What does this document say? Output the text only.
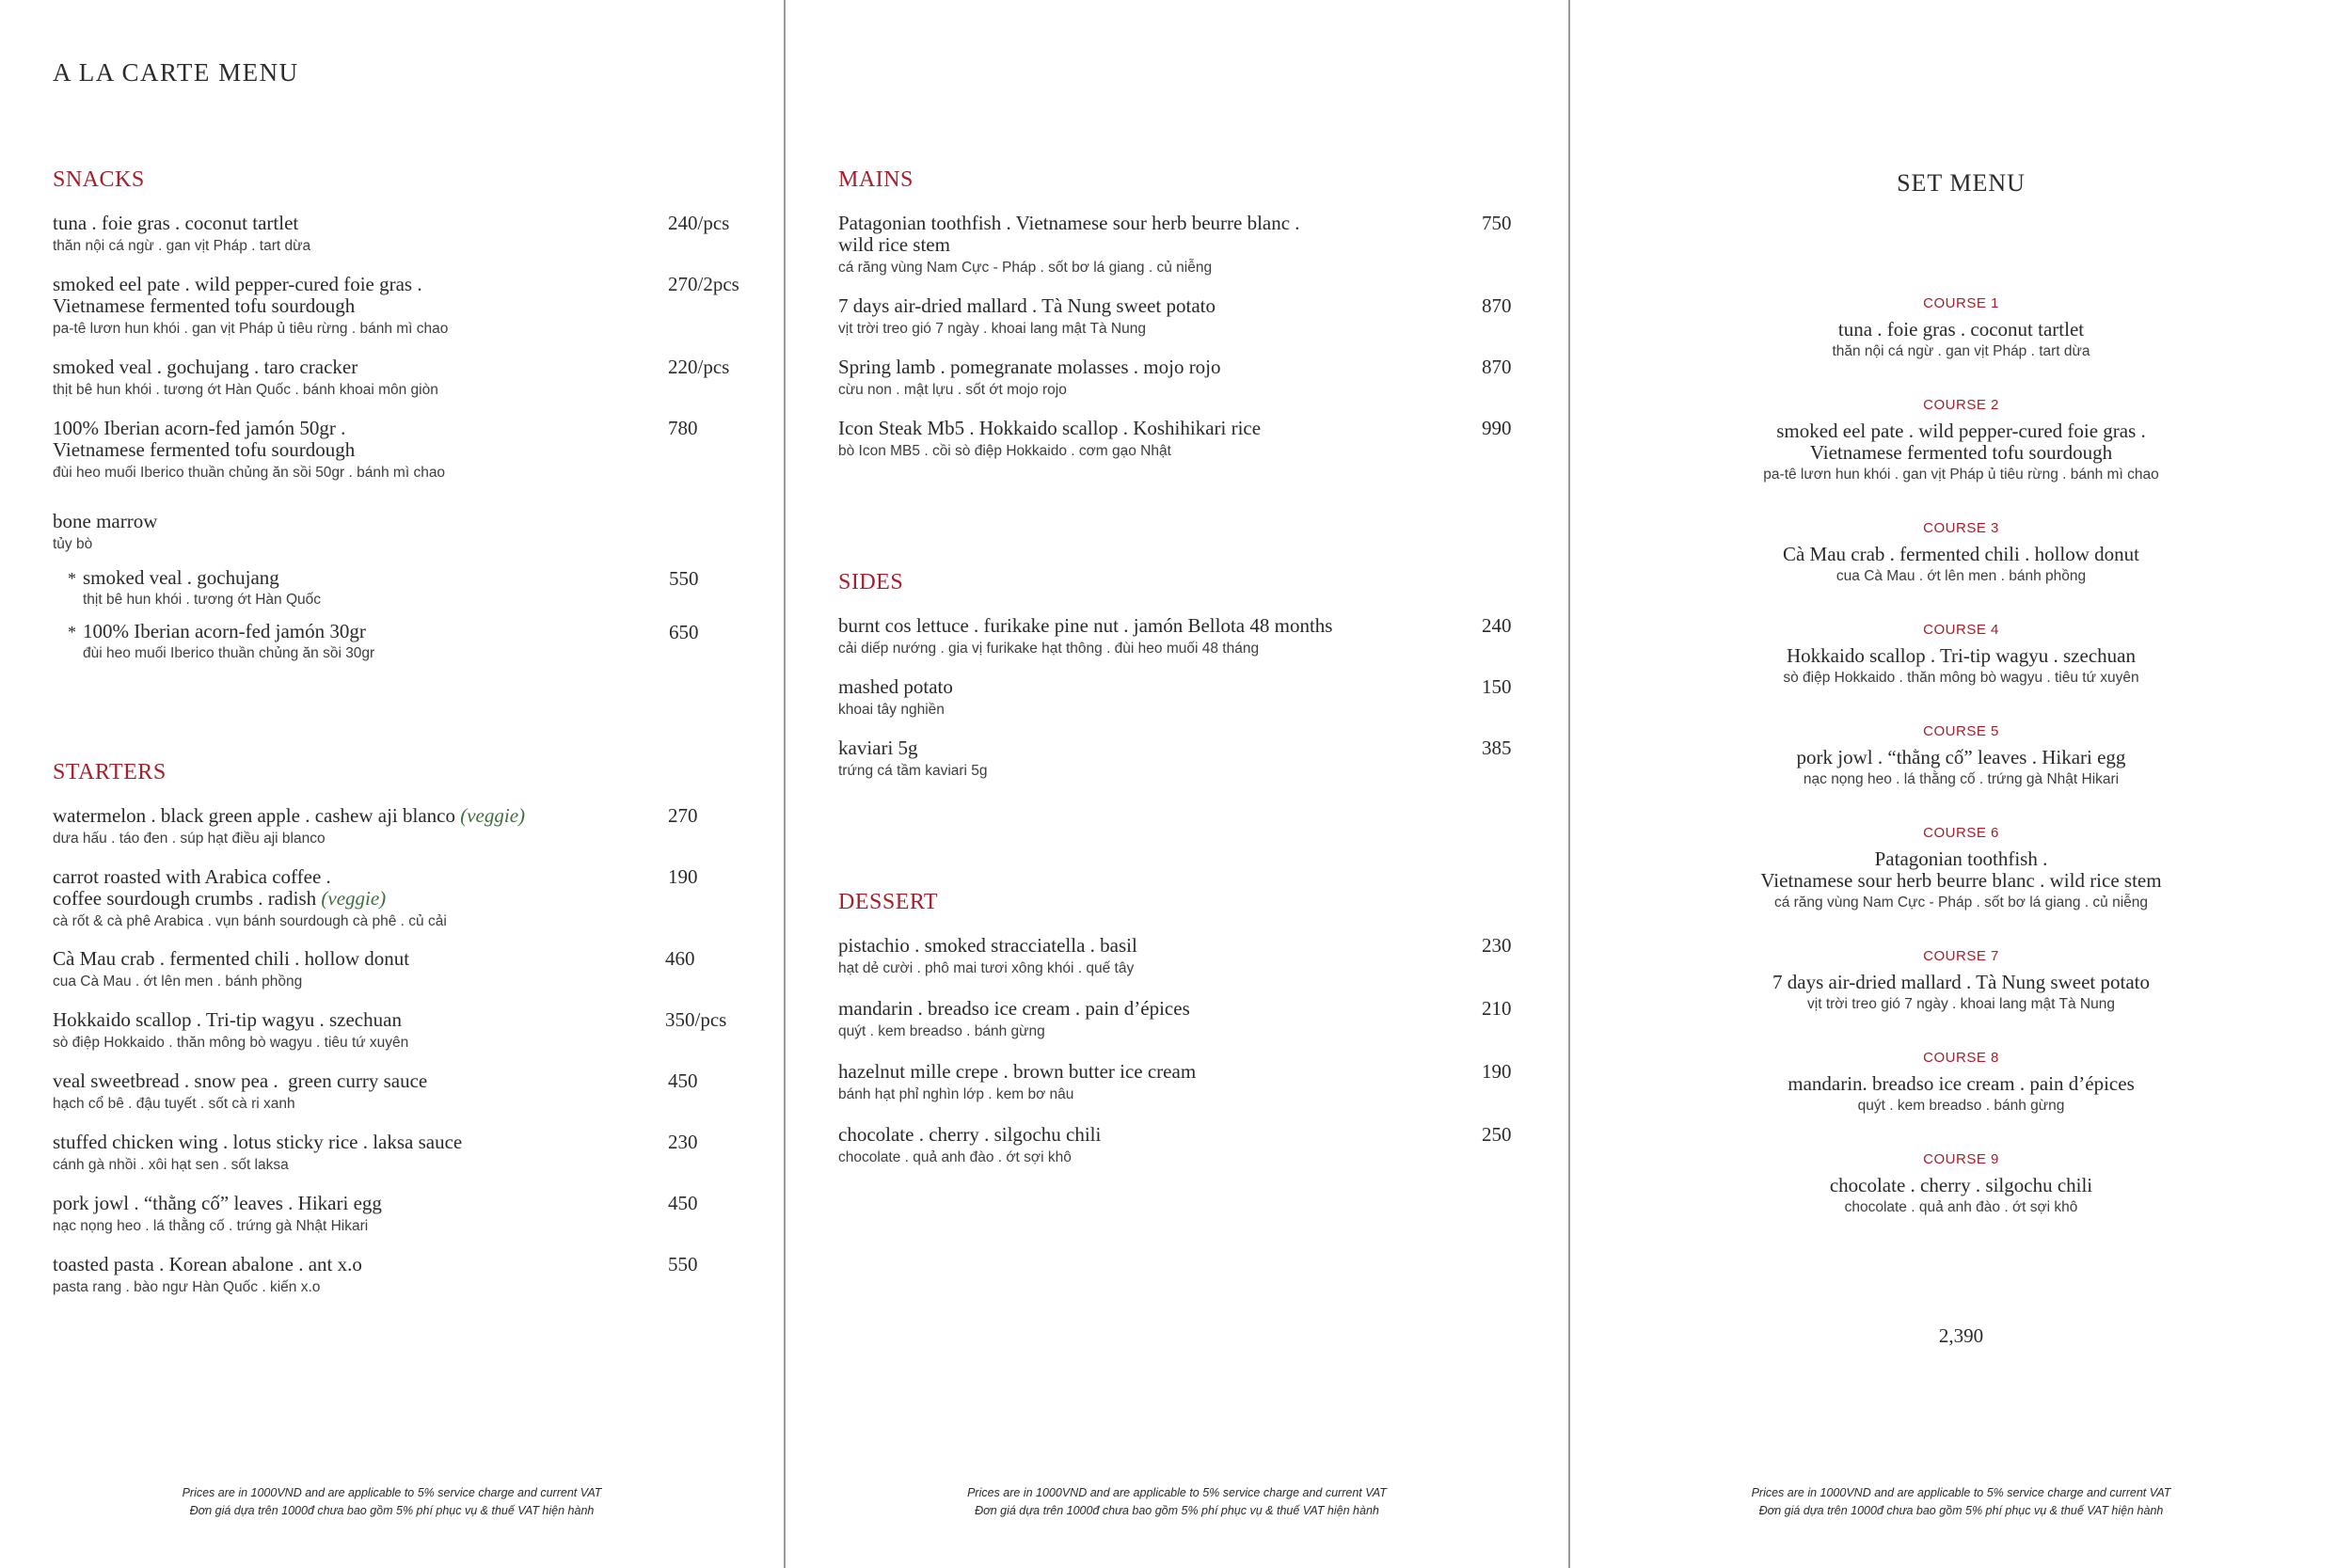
A LA CARTE MENU
SNACKS
tuna . foie gras . coconut tartlet
thăn nội cá ngừ . gan vịt Pháp . tart dừa
240/pcs
smoked eel pate . wild pepper-cured foie gras .
Vietnamese fermented tofu sourdough
pa-tê lươn hun khói . gan vịt Pháp ủ tiêu rừng . bánh mì chao
270/2pcs
smoked veal . gochujang . taro cracker
thịt bê hun khói . tương ớt Hàn Quốc . bánh khoai môn giòn
220/pcs
100% Iberian acorn-fed jamón 50gr .
Vietnamese fermented tofu sourdough
đùi heo muối Iberico thuần chủng ăn sồi 50gr . bánh mì chao
780
bone marrow
tủy bò
* smoked veal . gochujang
thịt bê hun khói . tương ớt Hàn Quốc
550
* 100% Iberian acorn-fed jamón 30gr
đùi heo muối Iberico thuần chủng ăn sồi 30gr
650
STARTERS
watermelon . black green apple . cashew aji blanco (veggie)
dưa hấu . táo đen . súp hạt điều aji blanco
270
carrot roasted with Arabica coffee .
coffee sourdough crumbs . radish (veggie)
cà rốt & cà phê Arabica . vụn bánh sourdough cà phê . củ cải
190
Cà Mau crab . fermented chili . hollow donut
cua Cà Mau . ớt lên men . bánh phồng
460
Hokkaido scallop . Tri-tip wagyu . szechuan
sò điệp Hokkaido . thăn mông bò wagyu . tiêu tứ xuyên
350/pcs
veal sweetbread . snow pea .  green curry sauce
hạch cổ bê . đậu tuyết . sốt cà ri xanh
450
stuffed chicken wing . lotus sticky rice . laksa sauce
cánh gà nhồi . xôi hạt sen . sốt laksa
230
pork jowl . “thằng cố” leaves . Hikari egg
nạc nọng heo . lá thằng cố . trứng gà Nhật Hikari
450
toasted pasta . Korean abalone . ant x.o
pasta rang . bào ngư Hàn Quốc . kiến x.o
550
Prices are in 1000VND and are applicable to 5% service charge and current VAT
Đơn giá dựa trên 1000đ chưa bao gồm 5% phí phục vụ & thuế VAT hiện hành
MAINS
Patagonian toothfish . Vietnamese sour herb beurre blanc .
wild rice stem
cá răng vùng Nam Cực - Pháp . sốt bơ lá giang . củ niễng
750
7 days air-dried mallard . Tà Nung sweet potato
vịt trời treo gió 7 ngày . khoai lang mật Tà Nung
870
Spring lamb . pomegranate molasses . mojo rojo
cừu non . mật lựu . sốt ớt mojo rojo
870
Icon Steak Mb5 . Hokkaido scallop . Koshihikari rice
bò Icon MB5 . cồi sò điệp Hokkaido . cơm gạo Nhật
990
SIDES
burnt cos lettuce . furikake pine nut . jamón Bellota 48 months
cải diếp nướng . gia vị furikake hạt thông . đùi heo muối 48 tháng
240
mashed potato
khoai tây nghiền
150
kaviari 5g
trứng cá tầm kaviari 5g
385
DESSERT
pistachio . smoked stracciatella . basil
hạt dẻ cười . phô mai tươi xông khói . quế tây
230
mandarin . breadso ice cream . pain d’épices
quýt . kem breadso . bánh gừng
210
hazelnut mille crepe . brown butter ice cream
bánh hạt phỉ nghìn lớp . kem bơ nâu
190
chocolate . cherry . silgochu chili
chocolate . quả anh đào . ớt sợi khô
250
Prices are in 1000VND and are applicable to 5% service charge and current VAT
Đơn giá dựa trên 1000đ chưa bao gồm 5% phí phục vụ & thuế VAT hiện hành
SET MENU
COURSE 1
tuna . foie gras . coconut tartlet
thăn nội cá ngừ . gan vịt Pháp . tart dừa
COURSE 2
smoked eel pate . wild pepper-cured foie gras .
Vietnamese fermented tofu sourdough
pa-tê lươn hun khói . gan vịt Pháp ủ tiêu rừng . bánh mì chao
COURSE 3
Cà Mau crab . fermented chili . hollow donut
cua Cà Mau . ớt lên men . bánh phồng
COURSE 4
Hokkaido scallop . Tri-tip wagyu . szechuan
sò điệp Hokkaido . thăn mông bò wagyu . tiêu tứ xuyên
COURSE 5
pork jowl . “thằng cố” leaves . Hikari egg
nạc nọng heo . lá thằng cố . trứng gà Nhật Hikari
COURSE 6
Patagonian toothfish .
Vietnamese sour herb beurre blanc . wild rice stem
cá răng vùng Nam Cực - Pháp . sốt bơ lá giang . củ niễng
COURSE 7
7 days air-dried mallard . Tà Nung sweet potato
vịt trời treo gió 7 ngày . khoai lang mật Tà Nung
COURSE 8
mandarin. breadso ice cream . pain d’épices
quýt . kem breadso . bánh gừng
COURSE 9
chocolate . cherry . silgochu chili
chocolate . quả anh đào . ớt sợi khô
2,390
Prices are in 1000VND and are applicable to 5% service charge and current VAT
Đơn giá dựa trên 1000đ chưa bao gồm 5% phí phục vụ & thuế VAT hiện hành
